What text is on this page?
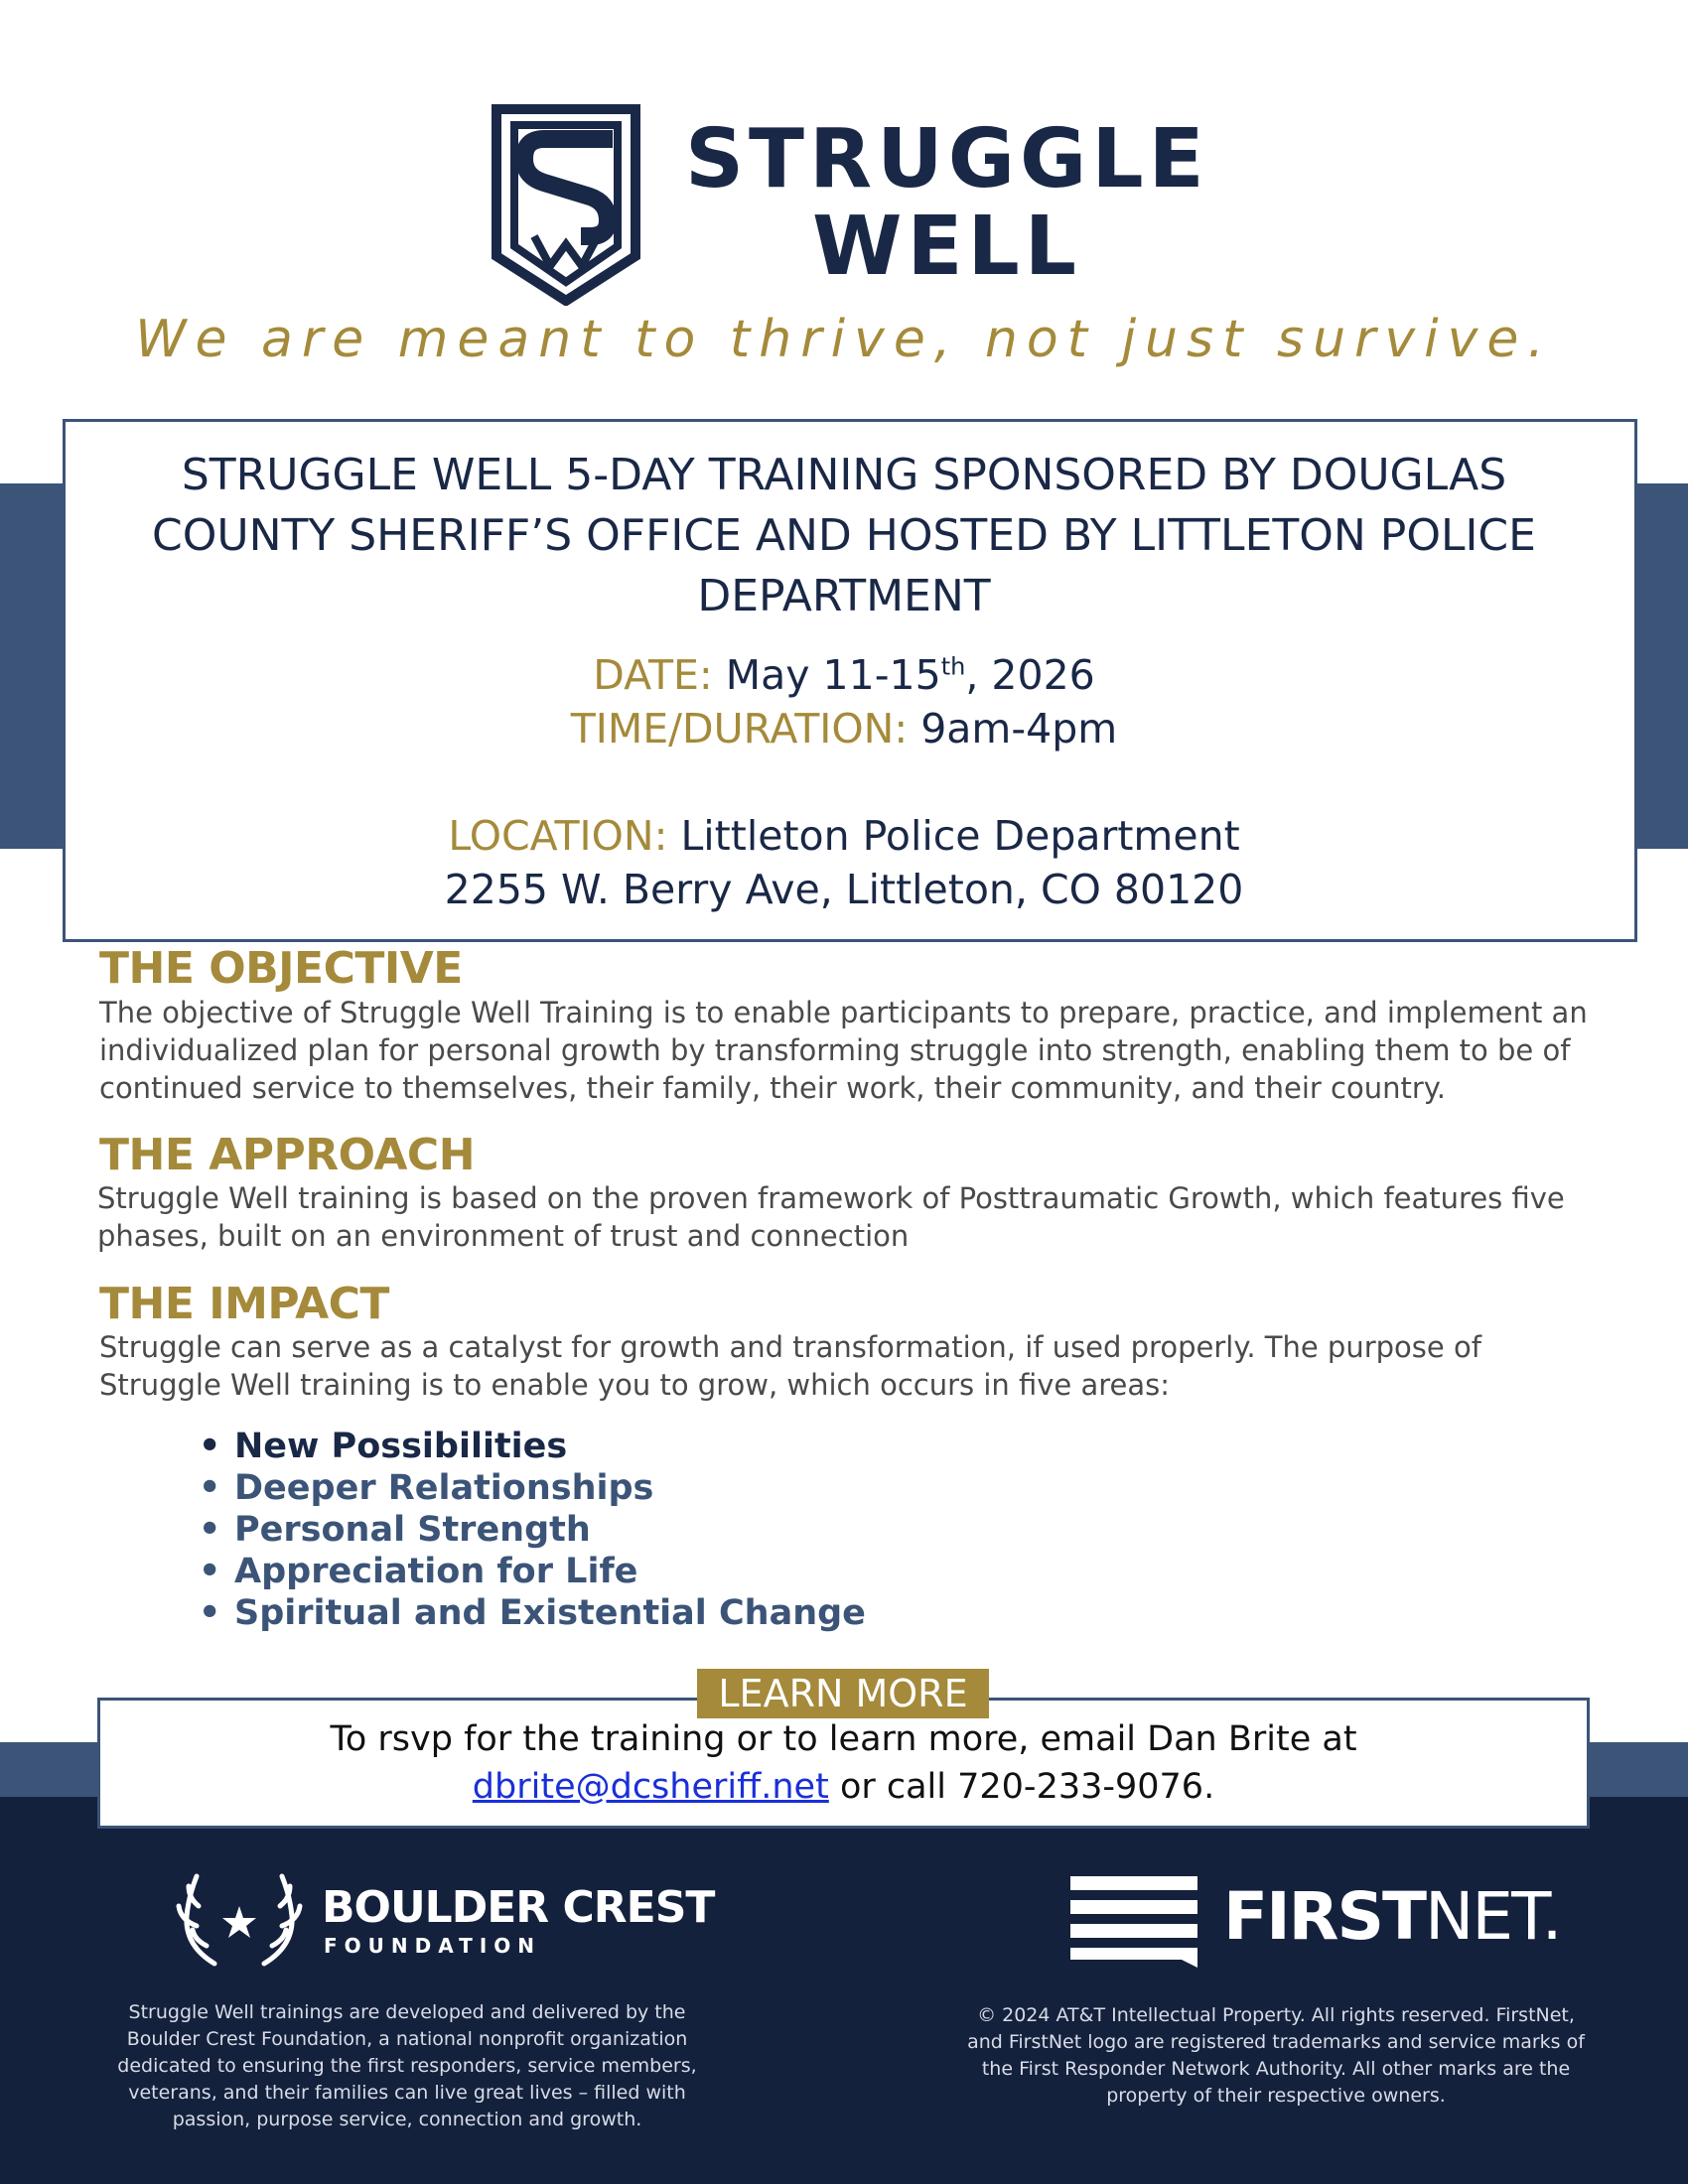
STRUGGLE
WELL
We are meant to thrive, not just survive.
STRUGGLE WELL 5-DAY TRAINING SPONSORED BY DOUGLAS COUNTY SHERIFF’S OFFICE AND HOSTED BY LITTLETON POLICE DEPARTMENT
DATE: May 11-15th, 2026
TIME/DURATION: 9am-4pm
LOCATION: Littleton Police Department
2255 W. Berry Ave, Littleton, CO 80120
THE OBJECTIVE
The objective of Struggle Well Training is to enable participants to prepare, practice, and implement an individualized plan for personal growth by transforming struggle into strength, enabling them to be of continued service to themselves, their family, their work, their community, and their country.
THE APPROACH
Struggle Well training is based on the proven framework of Posttraumatic Growth, which features five phases, built on an environment of trust and connection
THE IMPACT
Struggle can serve as a catalyst for growth and transformation, if used properly. The purpose of Struggle Well training is to enable you to grow, which occurs in five areas:
• New Possibilities
• Deeper Relationships
• Personal Strength
• Appreciation for Life
• Spiritual and Existential Change
LEARN MORE
To rsvp for the training or to learn more, email Dan Brite at
dbrite@dcsheriff.net or call 720-233-9076.
BOULDER CREST
FOUNDATION	FIRSTNET.
Struggle Well trainings are developed and delivered by the Boulder Crest Foundation, a national nonprofit organization dedicated to ensuring the first responders, service members, veterans, and their families can live great lives – filled with passion, purpose service, connection and growth.
© 2024 AT&T Intellectual Property. All rights reserved. FirstNet, and FirstNet logo are registered trademarks and service marks of the First Responder Network Authority. All other marks are the property of their respective owners.
